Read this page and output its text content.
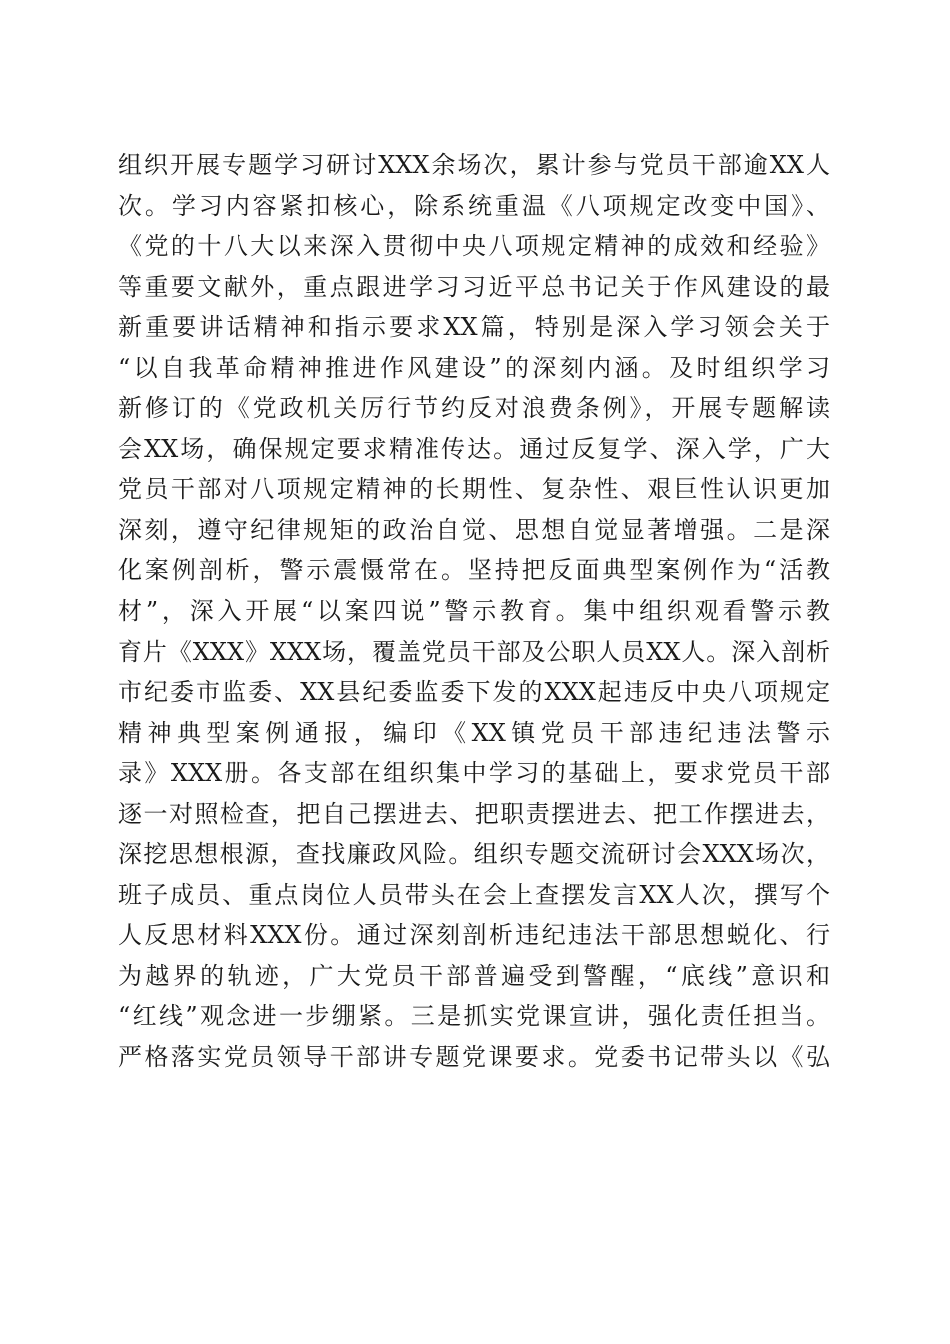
组织开展专题学习研讨XXX余场次，累计参与党员干部逾XX人
次。学习内容紧扣核心，除系统重温《八项规定改变中国》、
《党的十八大以来深入贯彻中央八项规定精神的成效和经验》
等重要文献外，重点跟进学习习近平总书记关于作风建设的最
新重要讲话精神和指示要求XX篇，特别是深入学习领会关于
“以自我革命精神推进作风建设”的深刻内涵。及时组织学习
新修订的《党政机关厉行节约反对浪费条例》，开展专题解读
会XX场，确保规定要求精准传达。通过反复学、深入学，广大
党员干部对八项规定精神的长期性、复杂性、艰巨性认识更加
深刻，遵守纪律规矩的政治自觉、思想自觉显著增强。二是深
化案例剖析，警示震慑常在。坚持把反面典型案例作为“活教
材”，深入开展“以案四说”警示教育。集中组织观看警示教
育片《XXX》XXX场，覆盖党员干部及公职人员XX人。深入剖析
市纪委市监委、XX县纪委监委下发的XXX起违反中央八项规定
精神典型案例通报，编印《XX镇党员干部违纪违法警示
录》XXX册。各支部在组织集中学习的基础上，要求党员干部
逐一对照检查，把自己摆进去、把职责摆进去、把工作摆进去，
深挖思想根源，查找廉政风险。组织专题交流研讨会XXX场次，
班子成员、重点岗位人员带头在会上查摆发言XX人次，撰写个
人反思材料XXX份。通过深刻剖析违纪违法干部思想蜕化、行
为越界的轨迹，广大党员干部普遍受到警醒，“底线”意识和
“红线”观念进一步绷紧。三是抓实党课宣讲，强化责任担当。
严格落实党员领导干部讲专题党课要求。党委书记带头以《弘
